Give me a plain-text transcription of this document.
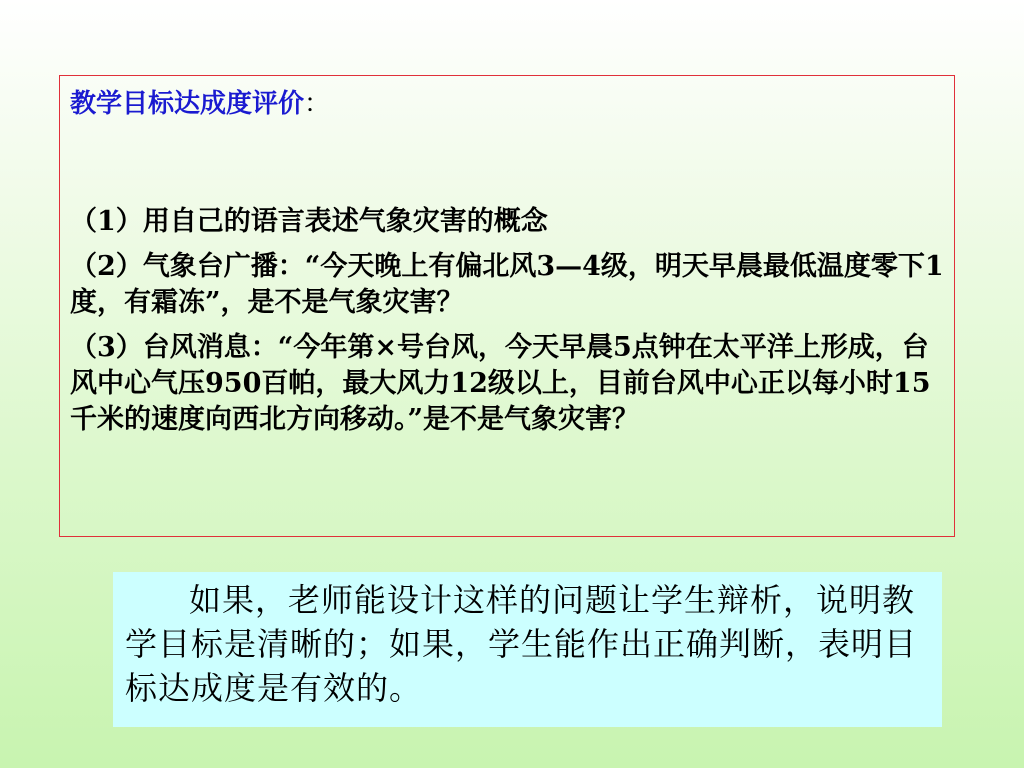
教学目标达成度评价：
（1）用自己的语言表述气象灾害的概念
（2）气象台广播：“今天晚上有偏北风3—4级，明天早晨最低温度零下1度，有霜冻”，是不是气象灾害？
（3）台风消息：“今年第×号台风，今天早晨5点钟在太平洋上形成，台风中心气压950百帕，最大风力12级以上，目前台风中心正以每小时15千米的速度向西北方向移动。”是不是气象灾害？
如果，老师能设计这样的问题让学生辩析，说明教学目标是清晰的；如果，学生能作出正确判断，表明目标达成度是有效的。
